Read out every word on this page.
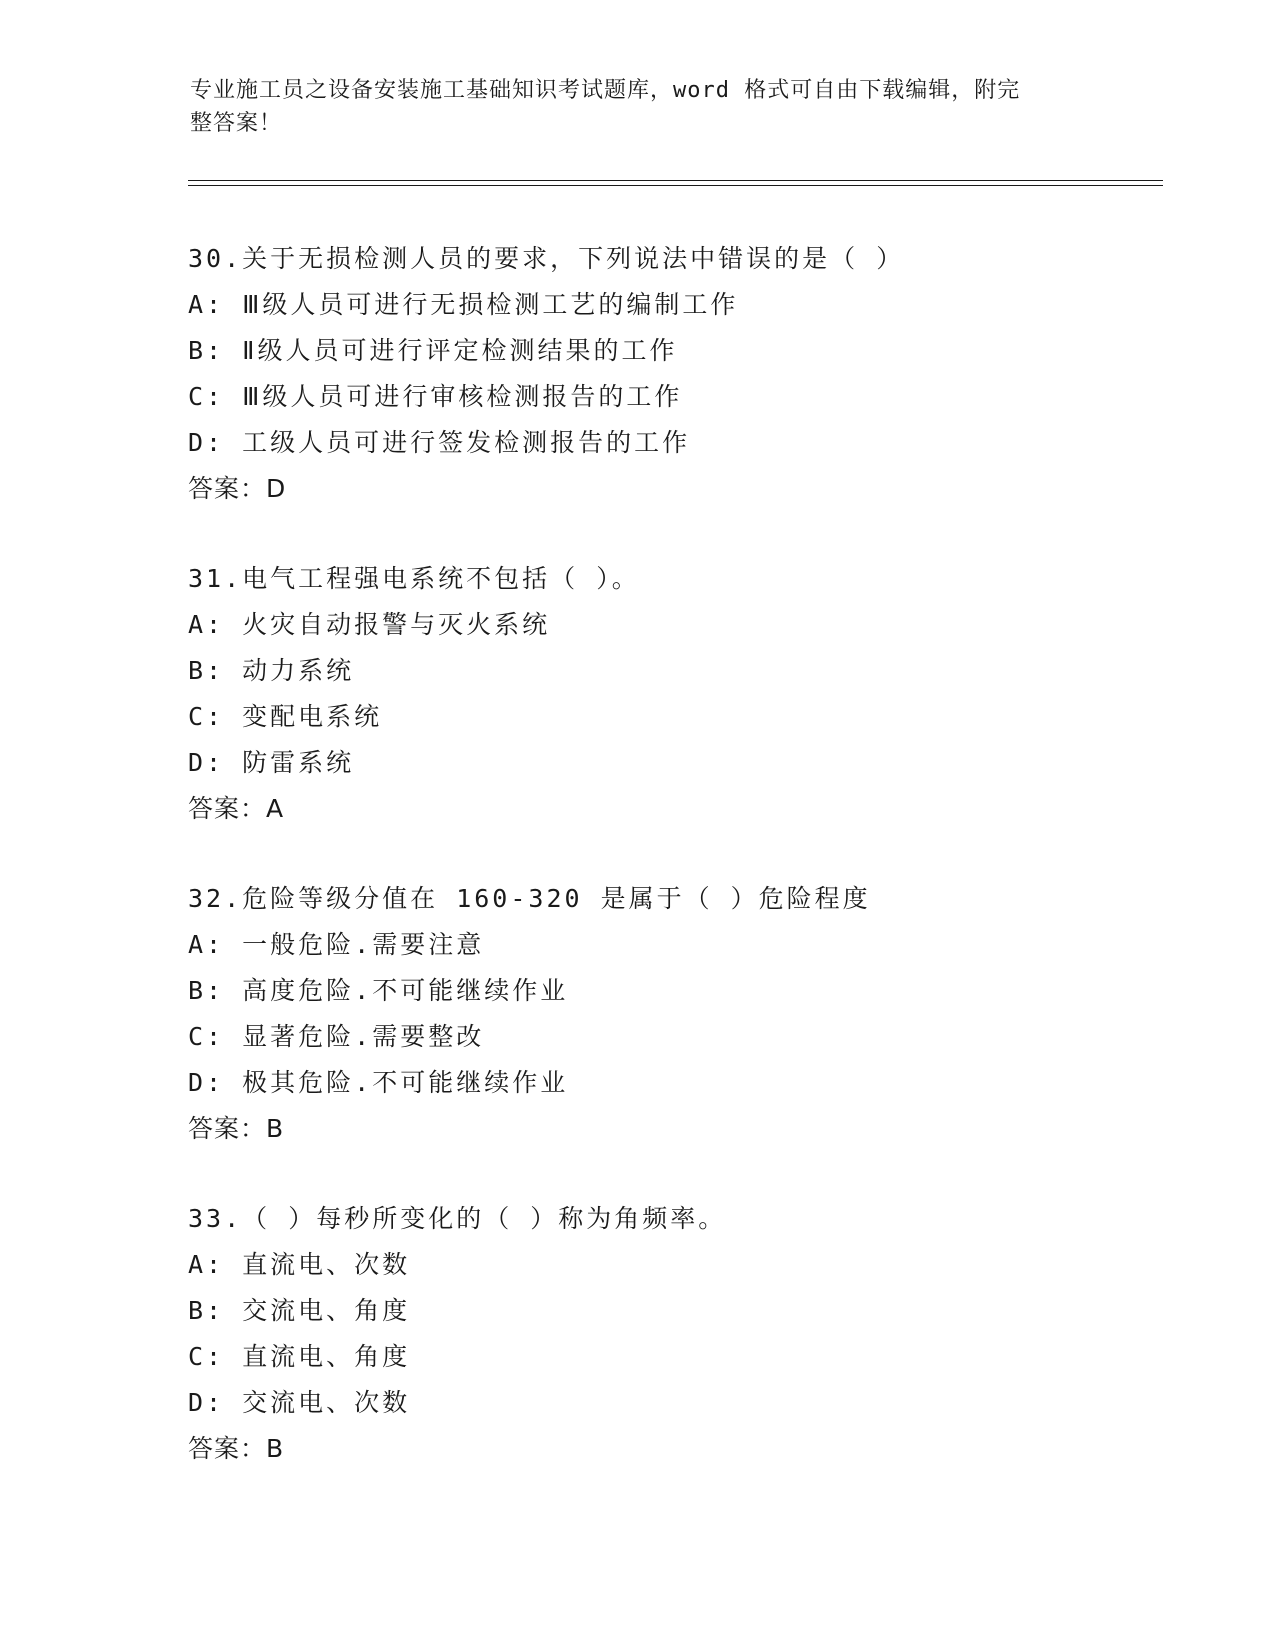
专业施工员之设备安装施工基础知识考试题库，word 格式可自由下载编辑，附完
整答案！
30.关于无损检测人员的要求，下列说法中错误的是（ ）
A: Ⅲ级人员可进行无损检测工艺的编制工作
B: Ⅱ级人员可进行评定检测结果的工作
C: Ⅲ级人员可进行审核检测报告的工作
D: 工级人员可进行签发检测报告的工作
答案：D
31.电气工程强电系统不包括（ ）。
A: 火灾自动报警与灭火系统
B: 动力系统
C: 变配电系统
D: 防雷系统
答案：A
32.危险等级分值在 160-320 是属于（ ）危险程度
A: 一般危险.需要注意
B: 高度危险.不可能继续作业
C: 显著危险.需要整改
D: 极其危险.不可能继续作业
答案：B
33.（ ）每秒所变化的（ ）称为角频率。
A: 直流电、次数
B: 交流电、角度
C: 直流电、角度
D: 交流电、次数
答案：B
